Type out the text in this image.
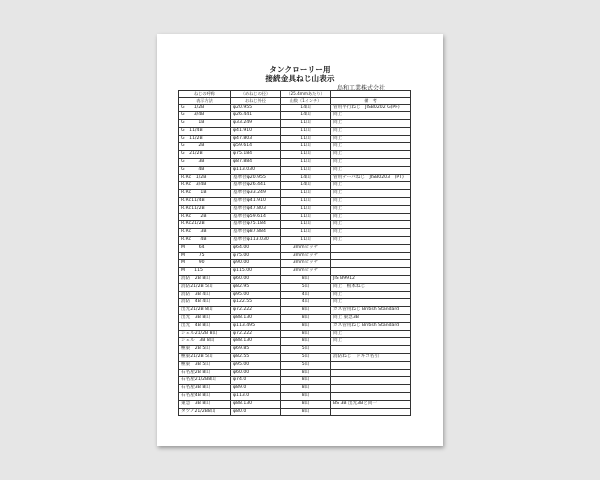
タンクローリー用
接続金具ねじ山表示
島和工業株式会社
ねじの呼称	（めねじの径）	（25.4mmあたり）	
表示方法	おねじ外径	山数（1インチ）	備　考
G　　1/2B	φ20.955	14山	管用平行ねじ　JISB0202 G(PF)
G　　3/4B	φ26.441	14山	同上
G　　　1B	φ33.249	11山	同上
G　11/4B	φ41.910	11山	同上
G　11/2B	φ47.803	11山	同上
G　　　2B	φ59.614	11山	同上
G　21/2B	φ75.184	11山	同上
G　　　3B	φ87.884	11山	同上
G　　　4B	φ113.030	11山	同上
R.Rc　1/2B	基準径φ20.955	14山	管用テーパねじ　JISB0203　(PT)
R.Rc　3/4B	基準径φ26.441	14山	同上
R.Rc　　1B	基準径φ33.249	11山	同上
R.Rc11/4B	基準径φ41.910	11山	同上
R.Rc11/2B	基準径φ47.803	11山	同上
R.Rc　　2B	基準径φ59.614	11山	同上
R.Rc21/2B	基準径φ75.184	11山	同上
R.Rc　　3B	基準径φ87.884	11山	同上
R.Rc　　4B	基準径φ113.030	11山	同上
M　　　64	φ64.00	3mmピッチ	
M　　　75	φ75.00	3mmピッチ	
M　　　90	φ90.00	3mmピッチ	
M　　115	φ115.00	3mmピッチ	
消防　2B 8山	φ60.00	8山	JIS B9912
消防21/2B 5山	φ82.95	5山	同上　根本ねじ
消防　3B 4山	φ95.00	4山	同上
消防　4B 4山	φ122.55	4山	同上
出光21/2B 8山	φ72.222	8山	ガス管用ねじ British Standard
出光　3B 8山	φ88.130	8山	同上 東急3B
出光　4B 8山	φ113.495	8山	ガス管用ねじ British Standard
シェル21/2B 8山	φ72.222	8山	同上
シェル　3B 8山	φ88.130	8山	同上
極東　2B 5山	φ69.85	5山	
極東21/2B 5山	φ82.55	5山	消防ねじ　ドキコ名引
極東　3B 5山	φ95.00	5山	
石名屋2B 8山	φ60.00	8山	
石名屋21/2B8山	φ74.0	8山	
石名屋3B 8山	φ89.0	8山	
石名屋4B 8山	φ113.0	8山	
東急　3B 8山	φ88.130	8山	BS 3B 出光3Bと同一
タツノ21/2B8山	φ80.0	8山	
